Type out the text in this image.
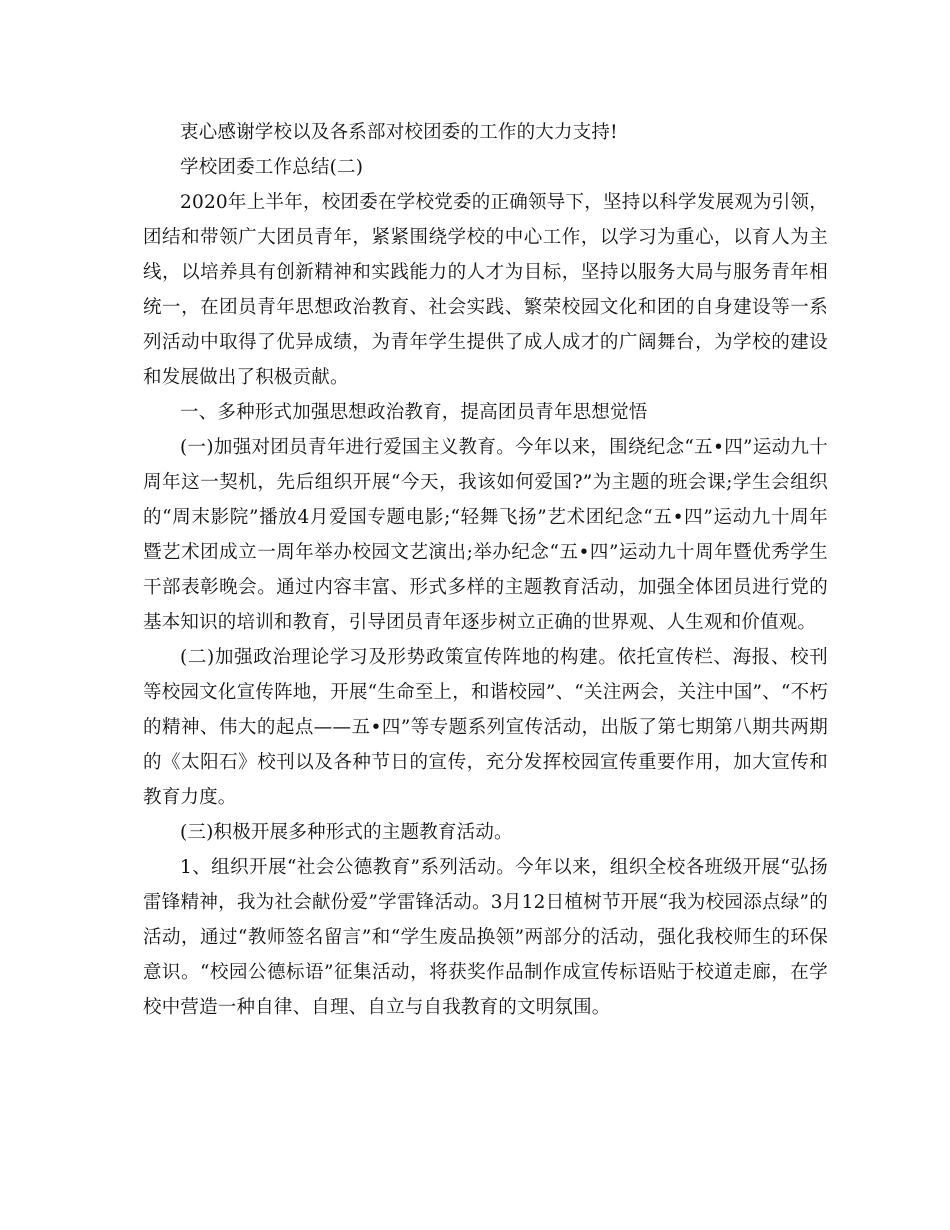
衷心感谢学校以及各系部对校团委的工作的大力支持!

学校团委工作总结(二)

2020年上半年，校团委在学校党委的正确领导下，坚持以科学发展观为引领，团结和带领广大团员青年，紧紧围绕学校的中心工作，以学习为重心，以育人为主线，以培养具有创新精神和实践能力的人才为目标，坚持以服务大局与服务青年相统一，在团员青年思想政治教育、社会实践、繁荣校园文化和团的自身建设等一系列活动中取得了优异成绩，为青年学生提供了成人成才的广阔舞台，为学校的建设和发展做出了积极贡献。

一、多种形式加强思想政治教育，提高团员青年思想觉悟

(一)加强对团员青年进行爱国主义教育。今年以来，围绕纪念“五•四”运动九十周年这一契机，先后组织开展“今天，我该如何爱国?”为主题的班会课;学生会组织的“周末影院”播放4月爱国专题电影;“轻舞飞扬”艺术团纪念“五•四”运动九十周年暨艺术团成立一周年举办校园文艺演出;举办纪念“五•四”运动九十周年暨优秀学生干部表彰晚会。通过内容丰富、形式多样的主题教育活动，加强全体团员进行党的基本知识的培训和教育，引导团员青年逐步树立正确的世界观、人生观和价值观。

(二)加强政治理论学习及形势政策宣传阵地的构建。依托宣传栏、海报、校刊等校园文化宣传阵地，开展“生命至上，和谐校园”、“关注两会，关注中国”、“不朽的精神、伟大的起点——五•四”等专题系列宣传活动，出版了第七期第八期共两期的《太阳石》校刊以及各种节日的宣传，充分发挥校园宣传重要作用，加大宣传和教育力度。

(三)积极开展多种形式的主题教育活动。

1、组织开展“社会公德教育”系列活动。今年以来，组织全校各班级开展“弘扬雷锋精神，我为社会献份爱”学雷锋活动。3月12日植树节开展“我为校园添点绿”的活动，通过“教师签名留言”和“学生废品换领”两部分的活动，强化我校师生的环保意识。“校园公德标语”征集活动，将获奖作品制作成宣传标语贴于校道走廊，在学校中营造一种自律、自理、自立与自我教育的文明氛围。
